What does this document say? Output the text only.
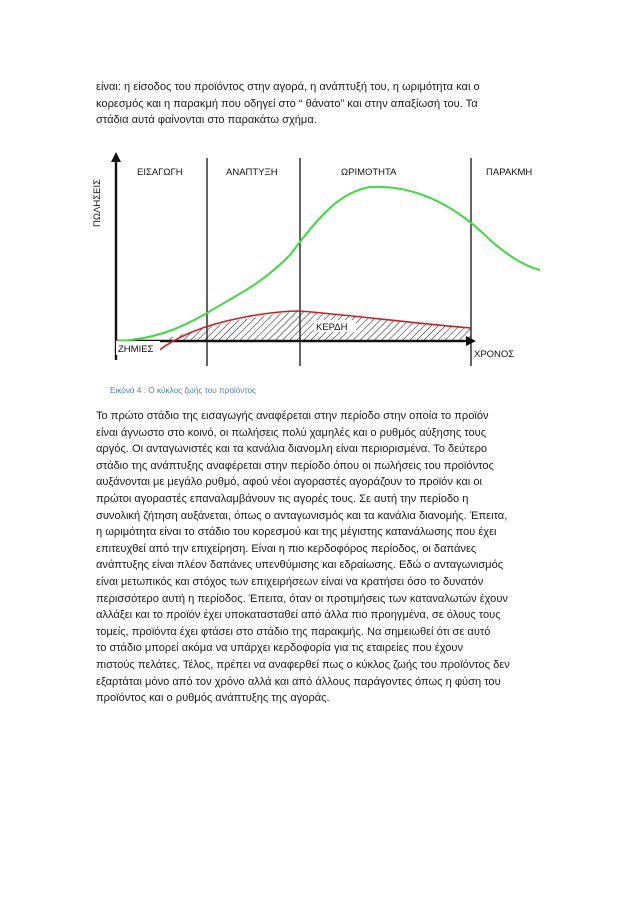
είναι: η είσοδος του προϊόντος στην αγορά, η ανάπτυξή του, η ωριμότητα και ο
κορεσμός και η παρακμή που οδηγεί στο “ θάνατο” και στην απαξίωσή του. Τα
στάδια αυτά φαίνονται στο παρακάτω σχήμα.

ΠΩΛΗΣΕΙΣ
ΕΙΣΑΓΩΓΗ	ΑΝΑΠΤΥΞΗ	ΩΡΙΜΟΤΗΤΑ	ΠΑΡΑΚΜΗ
ΚΕΡΔΗ
ΖΗΜΙΕΣ	ΧΡΟΝΟΣ
Εικόνα 4 : Ο κύκλος ζωής του προϊόντος

Το πρώτο στάδιο της εισαγωγής αναφέρεται στην περίοδο στην οποία το προϊόν
είναι άγνωστο στο κοινό, οι πωλήσεις πολύ χαμηλές και ο ρυθμός αύξησης τους
αργός. Οι ανταγωνιστές και τα κανάλια διανομλη είναι περιορισμένα. Το δεύτερο
στάδιο της ανάπτυξης αναφέρεται στην περίοδο όπου οι πωλήσεις του προϊόντος
αυξάνονται με μεγάλο ρυθμό, αφού νέοι αγοραστές αγοράζουν το προϊόν και οι
πρώτοι αγοραστές επαναλαμβάνουν τις αγορές τους. Σε αυτή την περίοδο η
συνολική ζήτηση αυξάνεται, όπως ο ανταγωνισμός και τα κανάλια διανομής. Έπειτα,
η ωριμότητα είναι το στάδιο του κορεσμού και της μέγιστης κατανάλωσης που έχει
επιτευχθεί από την επιχείρηση. Είναι η πιο κερδοφόρος περίοδος, οι δαπάνες
ανάπτυξης είναι πλέον δαπάνες υπενθύμισης και εδραίωσης. Εδώ ο ανταγωνισμός
είναι μετωπικός και στόχος των επιχειρήσεων είναι να κρατήσει όσο το δυνατόν
περισσότερο αυτή η περίοδος. Έπειτα, όταν οι προτιμήσεις των καταναλωτών έχουν
αλλάξει και το προϊόν έχει υποκατασταθεί από άλλα πιο προηγμένα, σε όλους τους
τομείς, προϊόντα έχει φτάσει στο στάδιο της παρακμής. Να σημειωθεί ότι σε αυτό
το στάδιο μπορεί ακόμα να υπάρχει κερδοφορία για τις εταιρείες που έχουν
πιστούς πελάτες. Τέλος, πρέπει να αναφερθεί πως ο κύκλος ζωής του προϊόντος δεν
εξαρτάται μόνο από τον χρόνο αλλά και από άλλους παράγοντες όπως η φύση του
προϊόντος και ο ρυθμός ανάπτυξης της αγοράς.
